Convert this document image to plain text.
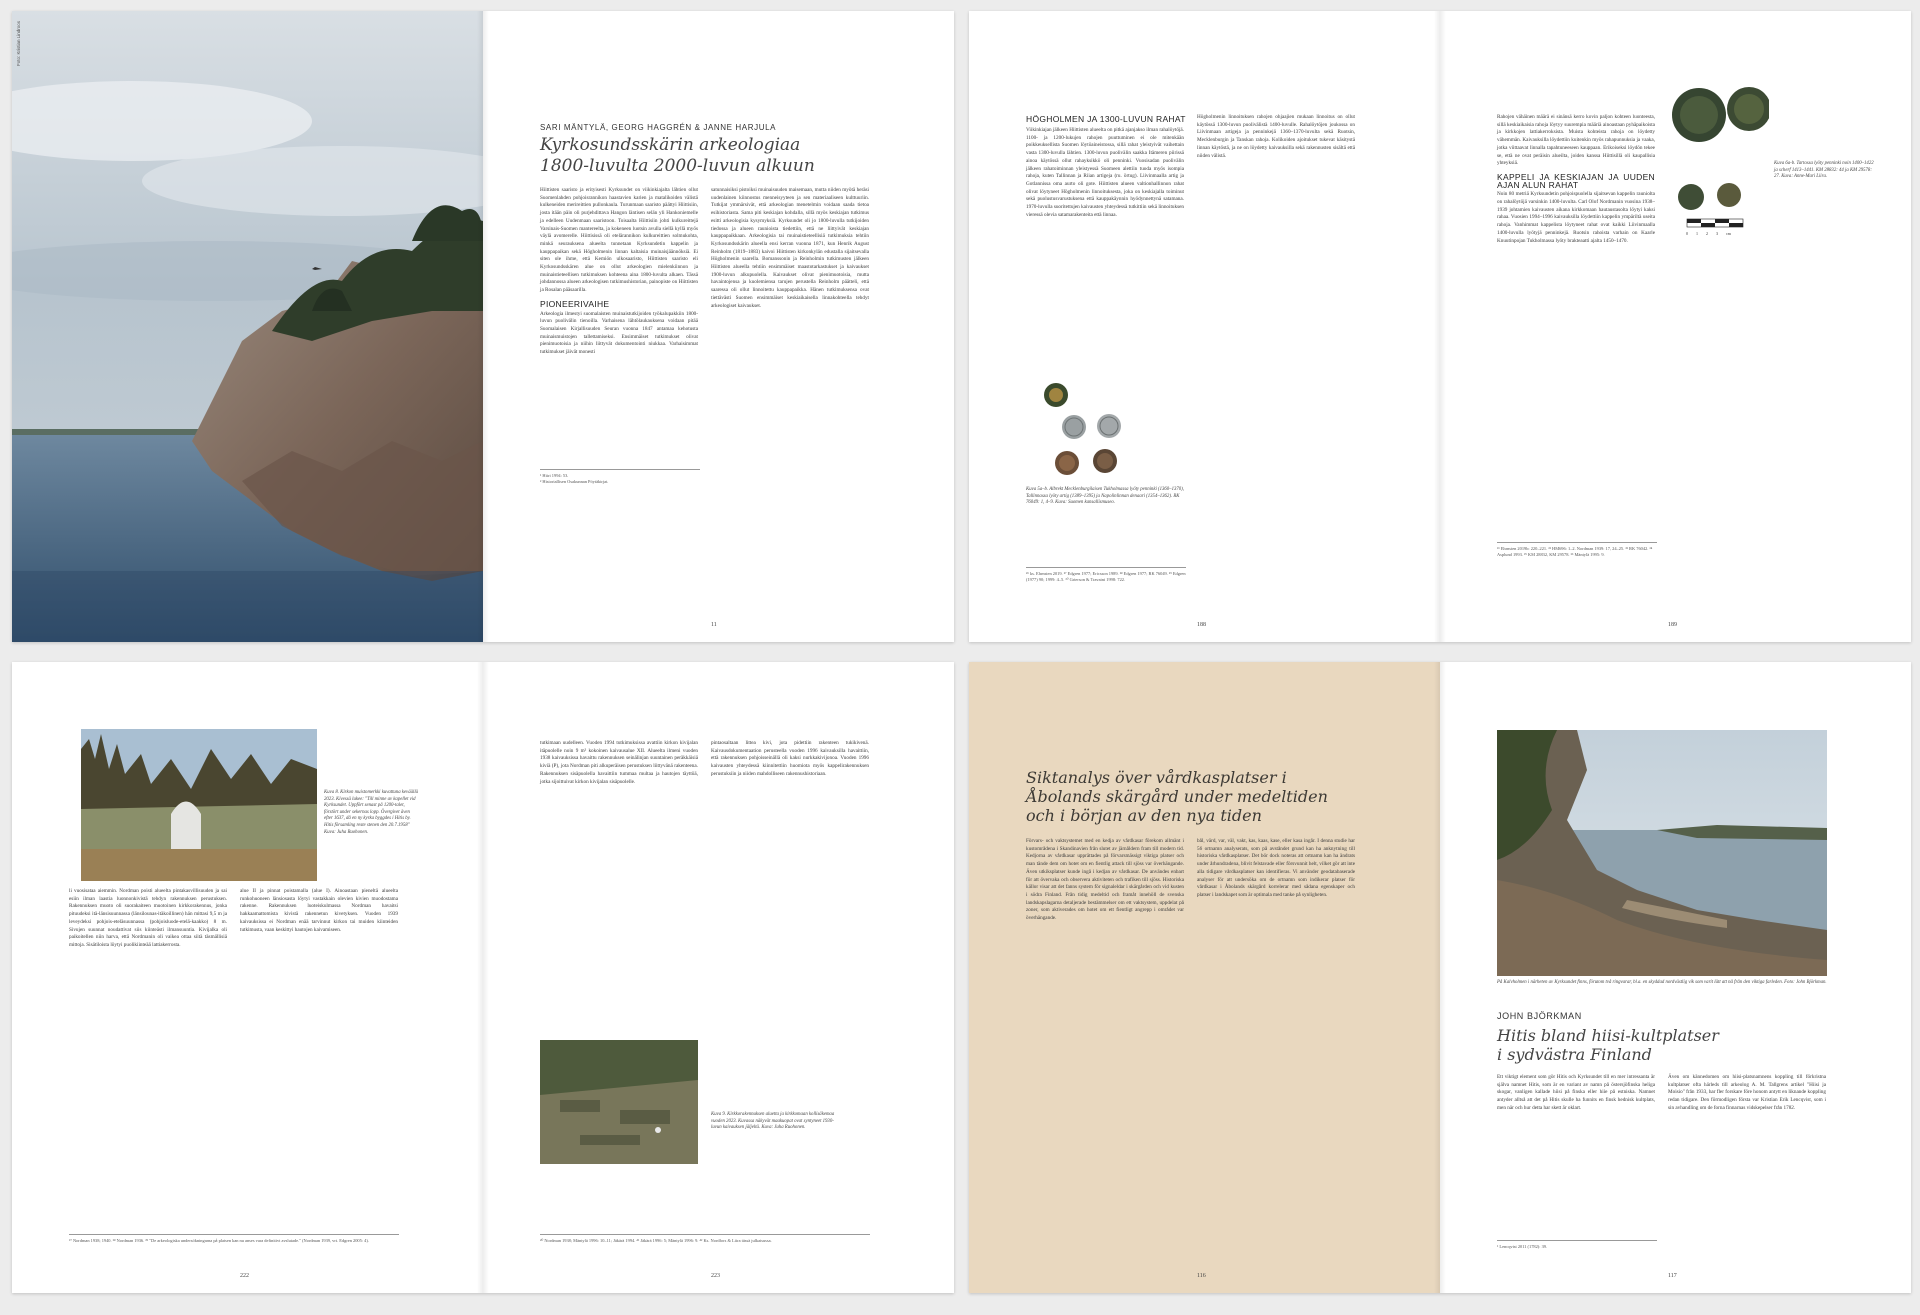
Foto: Kristian Lindroos
SARI MÄNTYLÄ, GEORG HAGGRÉN & JANNE HARJULA
Kyrkosundsskärin arkeologiaa
1800-luvulta 2000-luvun alkuun

Hiittisten saaristo ja erityisesti Kyrksundet on viikinkiajalta lähtien ollut Suomenlahden pohjoisrannikon haastavien karien ja matalikoiden välistä kulkeneiden merireittien pullonkaula. Turunmaan saaristo päättyi Hiittisiin, josta itään päin oli purjehdittava Hangon läntisen selän yli Hankoniemelle ja edelleen Uudenmaan saaristoon. Toisaalta Hiittisiin johti kulkureittejä Varsinais-Suomen mantereelta, ja kokeneen luotsin avulla siellä kyllä myös väylä avomerelle. Hiittisissä oli etelärannikon kulkureittien solmukohta, minkä seurauksena alueelta tunnetaan Kyrksundetin kappelin ja kauppapaikan sekä Högholmenin linnan kaltaisia muinaisjäännöksiä. Ei siten ole ihme, että Kemiön ulkosaaristo, Hiittisten saaristo eli Kyrkosundsskären alue on ollut arkeologien mielenkiinnon ja muinaistieteellisen tutkimuksen kohteena aina 1800-luvulta alkaen. Tässä johdannossa alueen arkeologisen tutkimushistorian, painopiste on Hiittisten ja Rosalan pääsaarilla.

PIONEERIVAIHE

Arkeologia ilmestyi suomalaisten muinaistutkijoiden työkalupakkiin 1800-luvun puolivälin tienoilla. Varhaisena lähtölaukauksena voidaan pitää Suomalaisen Kirjallisuuden Seuran vuonna 1847 antamaa kehotusta muinaismuistojen tallettamiseksi. Ensimmäiset tutkimukset olivat pienimuotoisia ja niihin liittyvät dokumentointi niukkaa. Varhaisimmat tutkimukset jäivät monesti

satunnaisiksi pistoiksi muinaisuuden maisemaan, mutta niiden myötä heräsi uudenlainen kiinnostus menneisyyteen ja sen materiaaliseen kulttuuriin. Tutkijat ymmärsivät, että arkeologian menetelmin voidaan saada tietoa esihistoriasta. Sama piti keskiajan kohdalla, sillä myös keskiajan tutkimus esitti arkeologisia kysymyksiä. Kyrksundet oli jo 1800-luvulla tutkijoiden tiedossa ja alueen raunioista tiedettiin, että ne liittyivät keskiajan kauppapaikkaan. Arkeologisia tai muinaistieteellisiä tutkimuksia tehtiin Kyrkosundsskärin alueella ensi kerran vuonna 1871, kun Henrik August Reinholm (1819–1883) kaivoi Hiittisten kirkonkylän edustalla sijaitsevalla Högholmenin saarella. Bomanssonin ja Reinholmin tutkimusten jälkeen Hiittisten alueella tehtiin ensimmäiset maastotarkastukset ja kaivaukset 1900-luvun alkupuolella. Kaivaukset olivat pienimuotoisia, mutta havaintojensa ja kuolemiensa tarujen perustella Reinholm päätteli, että saaressa oli ollut linnoitettu kauppapaikka. Hänen tutkimuksensa ovat tiettävästi Suomen ensimmäiset keskiaikaisella linnakohteella tehdyt arkeologiset kaivaukset.

¹ Hiiri 1994: 53.
² Historiallisen Osakunnan Pöytäkirjat.
11
HÖGHOLMEN JA 1300-LUVUN RAHAT

Viikinkiajan jälkeen Hiittisten alueelta on pitkä ajanjakso ilman rahalöytöjä. 1100- ja 1200-lukujen rahojen puuttuminen ei ole mitenkään poikkeuksellista Suomen löytöaineistossa, sillä rahat yleistyivät vaihettain vasta 1300-luvulla lähtien. 1300-luvun puolivälin saakka Itämeren piirissä ainoa käytössä ollut rahayksikkö oli penninki. Vuosisadan puolivälin jälkeen rahatoiminnan yleistyessä Suomeen alettiin tuoda myös isompia rahoja, kuten Tallinnan ja Riian artigeja (ru. örtug). Liivinmaalla artig ja Gotlannissa oma aurto oli gote. Hiittisten alueen valtionhallinnon rahat olivat löytyneet Högholmenin linnoituksesta, joka on keskiajalla toiminut sekä puolustusvarustuksena että kauppakäynnin hyödynnettynä satamana. 1970-luvulla suoritettujen kaivausten yhteydessä tutkittiin sekä linnoituksen vieressä olevia satamarakenteita että linnaa.

Kuva 5a–b. Albrekt Mecklenburgilaisen Tukholmassa lyöty penninki (1360–1370), Tallinnassa lyöty artig (1389–1395) ja Napolinlinnan denaari (1354–1362). RK 76049: 1, 4–9. Kuva: Suomen kansallismuseo.

Högholmenin linnoituksen rahojen ohjaajien mukaan linnoitus on ollut käytössä 1300-luvun puolivälistä 1400-luvulle. Rahalöytöjen joukossa on Liivinmaan artigeja ja penninkejä 1360–1370-luvulta sekä Ruotsin, Mecklenburgin ja Tanskan rahoja. Kolikoiden ajoitukset tukevat käsitystä linnan käytöstä, ja ne on löydetty kaivauksilla sekä rakennusten sisältä että niiden välistä.

²⁶ ks. Ehrnsten 2019. ²⁷ Edgren 1977; Ericsson 1989. ²⁸ Edgren 1977; RK 76049. ²⁹ Edgren (1977) 90; 1999: 4–5. ³⁰ Grierson & Travaini 1998: 722.
188

Rahojen vähäinen määrä ei sinänsä kerro kovin paljon kohteen luonteesta, sillä keskiaikaisia rahoja löytyy suurempia määriä ainoastaan pyhäpaikoista ja kirkkojen lattiakerroksista. Muista kohteista rahoja on löydetty vähemmän. Kaivauksilla löydettiin kuitenkin myös rahapunnuksia ja vaaka, jotka viittaavat linnalla tapahtuneeseen kauppaan. Erikoiseksi löydön tekee se, että ne ovat peräisin alueilta, joiden kanssa Hiittisillä oli kaupallisia yhteyksiä.

KAPPELI JA KESKIAJAN JA UUDEN AJAN ALUN RAHAT

Noin 80 metriä Kyrksundetin pohjoispuolella sijaitsevan kappelin rauniolta on rahalöytöjä varsinkin 1400-luvulta. Carl Olof Nordmanin vuosina 1938–1939 johtamien kaivausten aikana kirkkomaan hautaustasolta löytyi kaksi rahaa. Vuosien 1994–1996 kaivauksilla löydettiin kappelin ympäriltä useita rahoja. Vanhimmat kappelista löytyneet rahat ovat kaikki Liivinmaalla 1400-luvulla lyötyjä penninkejä. Ruotsin rahoista varhain on Kaarle Knuutinpojan Tukholmassa lyöty brakteaatti ajalta 1450–1470.

0 1 2 3 cm
Kuva 6a-b. Tartossa lyöty penninki noin 1400–1422 ja scherf 1413–1441. KM 28832: 44 ja KM 29578: 27. Kuva: Anne-Mari Liira.
³¹ Ehrnsten 2019b: 220–221. ³² HM696: 1–2. Nordman 1939: 17, 24–25. ³³ RK 76042. ³⁴ Asplund 1993. ³⁵ KM 28832, KM 29578. ³⁶ Mäntylä 1995: 9.
189
Kuva 8. Kirkon muistomerkki kuvattuna keväällä 2023. Kivessä lukee: "Till minne av kapellet vid Kyrksundet. Uppfört senast på 1200-talet, förstört under sekernas lopp. Övergivet även efter 1637, då en ny kyrka byggdes i Hitis by. Hitis församling reste stenen den 20.7.1958" Kuva: Juha Ruohonen.

li vuosisataa aiemmin. Nordman poisti alueelta pintakasvillisuuden ja sai esiin ilman laastia luonnonkivistä tehdyn rakennuksen perustuksen. Rakennuksen muoto oli suorakaiteen muotoinen kirkkorakennus, jonka pituudeksi itä-länsisuunnassa (länsilounas-itäkoillinen) hän mittasi 9,5 m ja leveydeksi pohjois-eteläsuunnassa (pohjoisluode-etelä-kaakko) 8 m. Sivujen suunnat noudattivat siis kiinteästi ilmansuuntia. Kivijalka oli paikoitellen niin harva, että Nordmanin oli vaikea ottaa siitä täsmällisiä mittoja. Sisätiloista löytyi puolikiinteää lattiakerrosta.

alue II ja pinnat poistamalla (alue I). Ainoastaan pieneltä alueelta runkohuoneen länsiosasta löytyi vastakkain olevien kivien muodostama rakenne. Rakennuksen luoteiskulmassa Nordman havaitsi hakkaamattomista kivistä rakennetun kivetyksen. Vuoden 1939 kaivauksissa ei Nordman enää tarvinnut kirkon tai muiden kiinteiden tutkimusta, vaan keskittyi hautojen kaivamiseen.

³⁷ Nordman 1938; 1940. ³⁸ Nordman 1936. ³⁹ "De arkeologiska undersökningarna på platsen kan nu anses vara definitivt avslutade." (Nordman 1939, vrt. Edgren 2005: 4).
222

tutkimaan uudelleen. Vuoden 1994 tutkimuksissa avattiin kirkon kivijalan itäpuolelle noin 9 m² kokoinen kaivausalue XII. Alueelta ilmeni vuoden 1938 kaivauksissa havaittu rakennuksen seinälinjan suuntainen peräkkäisiä kiviä (P), jota Nordman piti alkuperäisen perustuksen liittyvänä rakenteena. Rakennuksen sisäpuolella havaittiin tummaa multaa ja hautojen täyttöä, jotka sijoittuivat kirkon kivijalan sisäpuolelle.

pintaosaltaan littea kivi, jota pidettiin rakenteen tukikivenä. Kaivausdokumentaation perusteella vuoden 1996 kaivauksilla havaittiin, että rakennuksen pohjoisseinällä oli kaksi nurkkakivijonoa. Vuoden 1996 kaivausten yhteydessä kiinnitettiin huomiota myös kappelirakennuksen perustuksiin ja niiden mahdolliseen rakennushistoriaan.

Kuva 9. Kirkkorakennuksen aluetta ja kirkkomaan kollisäkemaa vuoden 2023. Kuvassa näkyvät maakuopat ovat syntyneet 1930-luvun kaivauksen jäljeltä. Kuva: Juha Ruohonen.
⁴⁰ Nordman 1938; Mäntylä 1996: 10–11; Jäkärä 1994. ⁴¹ Jäkärä 1996: 5; Mäntylä 1996: 9. ⁴² Ks. Nordfors & Liira tässä julkaisussa.
223
Siktanalys över vårdkasplatser i
Åbolands skärgård under medeltiden
och i början av den nya tiden

Förvars- och vaktsystemet med en kedja av vårdkasar förekom allmänt i kustområdena i Skandinavien från slutet av järnåldern fram till modern tid. Kedjorna av vårdkasar upprättades på förvarsmässigt viktiga platser och man tände dem om hotet om en fientlig attack till sjöss var överhängande. Även utkiksplatser kunde ingå i kedjan av vårdkasar. De användes enbart för att övervaka och observera aktiviteten och trafiken till sjöss. Historiska källor visar att det fanns system för signaleldar i skärgården och vid kusten i södra Finland. Från tidig medeltid och framåt innehöll de svenska landskapslagarna detaljerade bestämmelser om ett vaktsystem, uppdelat på zoner, som aktiverades om hotet om ett fientligt angrepp i området var överhängande.

bål, värd, var, väl, vakt, kas, kaas, kase, eller kasa ingår. I denna studie har 56 ortnamn analyserats, som på avståndet grund kan ha anknytning till historiska vårdkasplatser. Det bör dock noteras att ortnamn kan ha ändrats under århundradena, blivit felstavade eller försvunnit helt, vilket gör att inte alla tidigare vårdkasplatser kan identifieras. Vi använder geodatabaserade analyser för att undersöka om de ortnamn som indikerar platser för vårdkasar i Åbolands skärgård korrelerar med sådana egenskaper och platser i landskapet som är optimala med tanke på synligheten.

116
På Kalvholmen i närheten av Kyrksundet finns, förutom två ringvarar, bl.a. en skyddad nordvästlig vik som varit lätt att nå från den viktiga farleden. Foto: John Björkman.
JOHN BJÖRKMAN
Hitis bland hiisi-kultplatser
i sydvästra Finland

Ett viktigt element som gör Hitis och Kyrksundet till en mer intressanta är själva namnet Hitis, som är en variant av namn på östersjöfinska heliga skogar, vanligen kallade hiisi på finska eller hiie på estniska. Namnet antyder alltså att det på Hitis skulle ha funnits en finsk hednisk kultplats, men när och hur detta har skett är oklart.

Även om kännedomen om hiisi-platsnamnens koppling till förkristna kultplatser ofta härleds till arkeolog A. M. Tallgrens artikel "Hiisi ja Moisio" från 1933, har fler forskare före honom antytt en liknande koppling redan tidigare. Den förmodligen första var Kristian Erik Lencqvist, som i sin avhandling om de forna finnarnas vidskepelser från 1782.

¹ Lencqvist 2011 (1782): 39.
117
